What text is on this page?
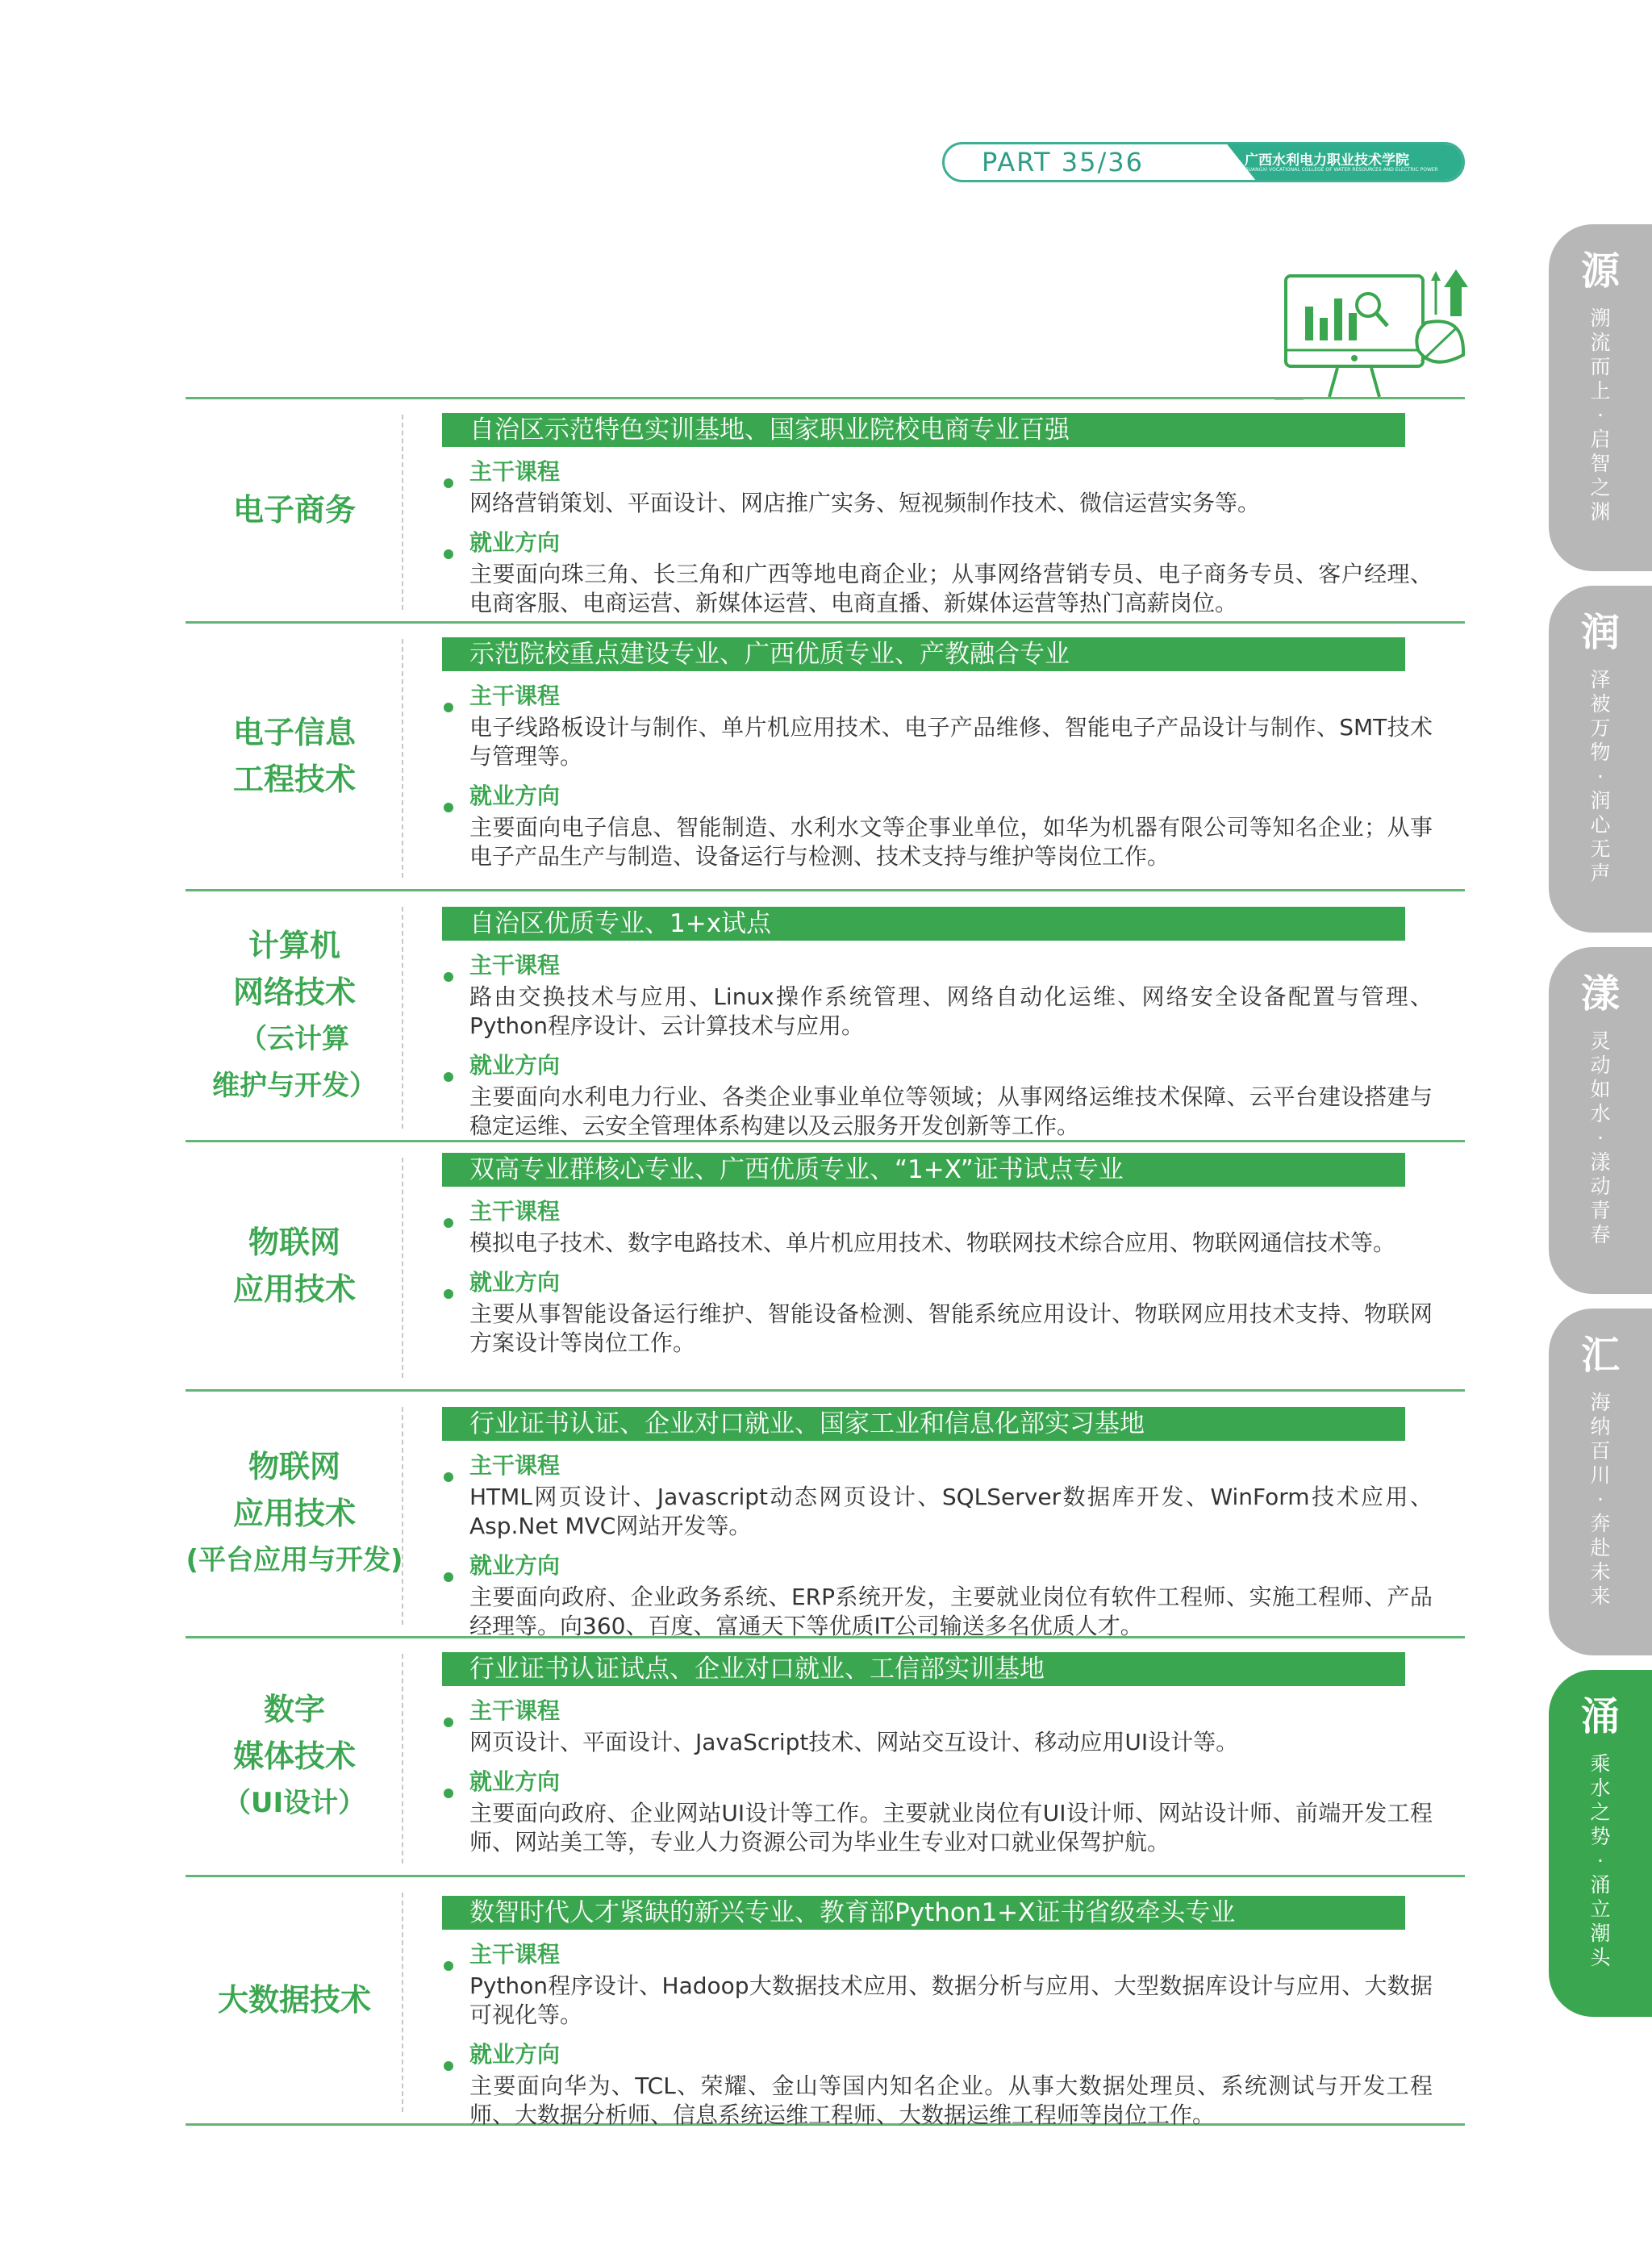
PART 35/36	广西水利电力职业技术学院
GUANGXI VOCATIONAL COLLEGE OF WATER RESOURCES AND ELECTRIC POWER
源
溯流而上·启智之渊
润
泽被万物·润心无声
漾
灵动如水·漾动青春
汇
海纳百川·奔赴未来
涌
乘水之势·涌立潮头
电子商务
自治区示范特色实训基地、国家职业院校电商专业百强
主干课程
网络营销策划、平面设计、网店推广实务、短视频制作技术、微信运营实务等。
就业方向
主要面向珠三角、长三角和广西等地电商企业；从事网络营销专员、电子商务专员、客户经理、电商客服、电商运营、新媒体运营、电商直播、新媒体运营等热门高薪岗位。
电子信息
工程技术
示范院校重点建设专业、广西优质专业、产教融合专业
主干课程
电子线路板设计与制作、单片机应用技术、电子产品维修、智能电子产品设计与制作、SMT技术与管理等。
就业方向
主要面向电子信息、智能制造、水利水文等企事业单位，如华为机器有限公司等知名企业；从事电子产品生产与制造、设备运行与检测、技术支持与维护等岗位工作。
计算机
网络技术
（云计算
维护与开发）
自治区优质专业、1+x试点
主干课程
路由交换技术与应用、Linux操作系统管理、网络自动化运维、网络安全设备配置与管理、Python程序设计、云计算技术与应用。
就业方向
主要面向水利电力行业、各类企业事业单位等领域；从事网络运维技术保障、云平台建设搭建与稳定运维、云安全管理体系构建以及云服务开发创新等工作。
物联网
应用技术
双高专业群核心专业、广西优质专业、“1+X”证书试点专业
主干课程
模拟电子技术、数字电路技术、单片机应用技术、物联网技术综合应用、物联网通信技术等。
就业方向
主要从事智能设备运行维护、智能设备检测、智能系统应用设计、物联网应用技术支持、物联网方案设计等岗位工作。
物联网
应用技术
(平台应用与开发)
行业证书认证、企业对口就业、国家工业和信息化部实习基地
主干课程
HTML网页设计、Javascript动态网页设计、SQLServer数据库开发、WinForm技术应用、Asp.Net MVC网站开发等。
就业方向
主要面向政府、企业政务系统、ERP系统开发，主要就业岗位有软件工程师、实施工程师、产品经理等。向360、百度、富通天下等优质IT公司输送多名优质人才。
数字
媒体技术
（UI设计）
行业证书认证试点、企业对口就业、工信部实训基地
主干课程
网页设计、平面设计、JavaScript技术、网站交互设计、移动应用UI设计等。
就业方向
主要面向政府、企业网站UI设计等工作。主要就业岗位有UI设计师、网站设计师、前端开发工程师、网站美工等，专业人力资源公司为毕业生专业对口就业保驾护航。
大数据技术
数智时代人才紧缺的新兴专业、教育部Python1+X证书省级牵头专业
主干课程
Python程序设计、Hadoop大数据技术应用、数据分析与应用、大型数据库设计与应用、大数据可视化等。
就业方向
主要面向华为、TCL、荣耀、金山等国内知名企业。从事大数据处理员、系统测试与开发工程师、大数据分析师、信息系统运维工程师、大数据运维工程师等岗位工作。
